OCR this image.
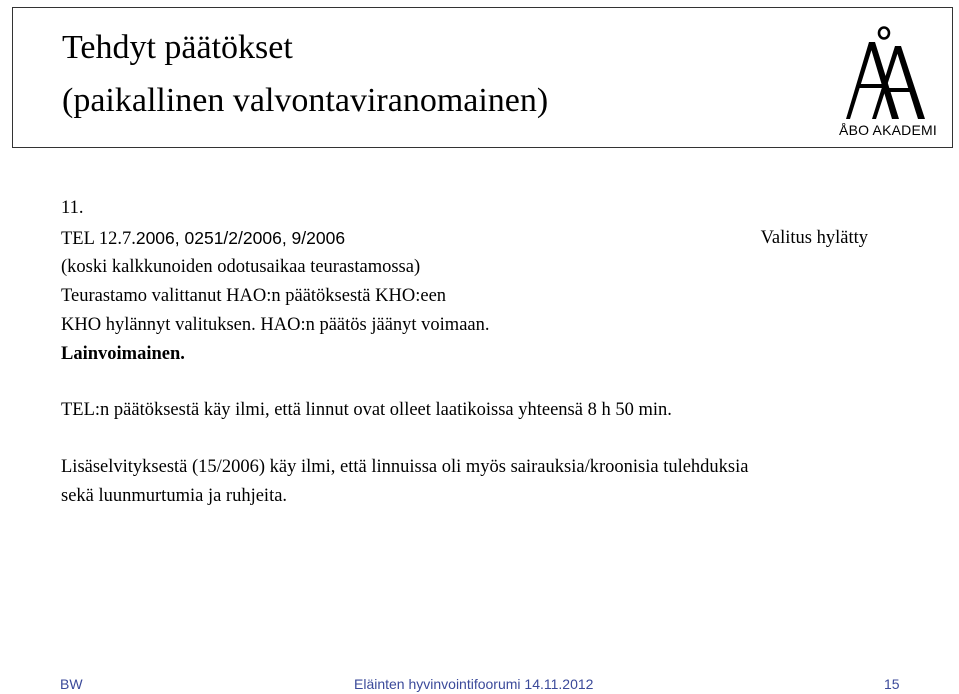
Tehdyt päätökset
(paikallinen valvontaviranomainen)
ÅBO AKADEMI
11.
TEL 12.7.2006, 0251/2/2006, 9/2006	Valitus hylätty
(koski kalkkunoiden odotusaikaa teurastamossa)
Teurastamo valittanut HAO:n päätöksestä KHO:een
KHO hylännyt valituksen. HAO:n päätös jäänyt voimaan.
Lainvoimainen.
TEL:n päätöksestä käy ilmi, että linnut ovat olleet laatikoissa yhteensä 8 h 50 min.
Lisäselvityksestä (15/2006) käy ilmi, että linnuissa oli myös sairauksia/kroonisia tulehduksia
sekä luunmurtumia ja ruhjeita.
BW	Eläinten hyvinvointifoorumi 14.11.2012	15
